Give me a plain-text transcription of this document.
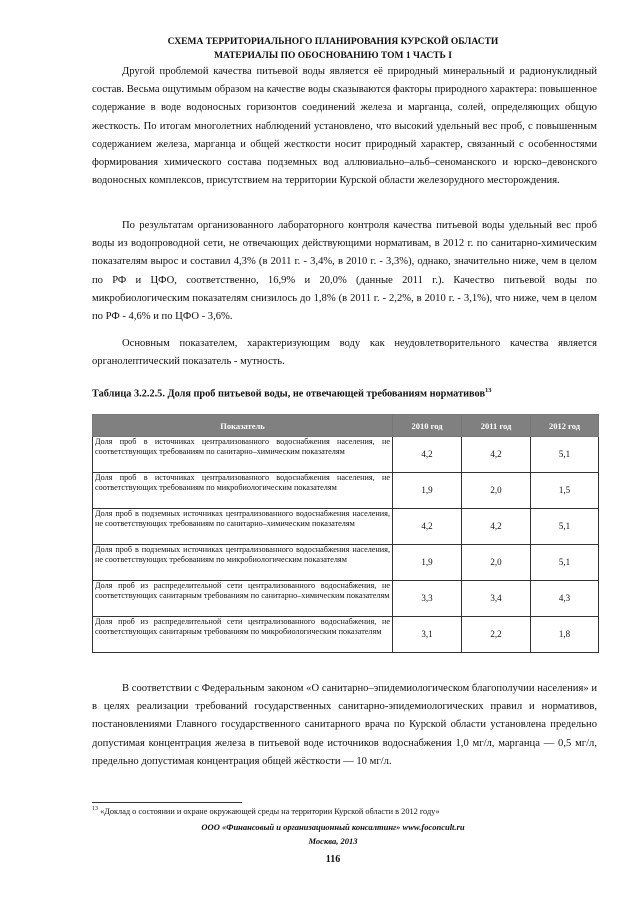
СХЕМА ТЕРРИТОРИАЛЬНОГО ПЛАНИРОВАНИЯ КУРСКОЙ ОБЛАСТИ
МАТЕРИАЛЫ ПО ОБОСНОВАНИЮ ТОМ 1 ЧАСТЬ I

Другой проблемой качества питьевой воды является её природный минеральный и радионуклидный состав. Весьма ощутимым образом на качестве воды сказываются факторы природного характера: повышенное содержание в воде водоносных горизонтов соединений железа и марганца, солей, определяющих общую жесткость. По итогам многолетних наблюдений установлено, что высокий удельный вес проб, с повышенным содержанием железа, марганца и общей жесткости носит природный характер, связанный с особенностями формирования химического состава подземных вод аллювиально–альб–сеноманского и юрско–девонского водоносных комплексов, присутствием на территории Курской области железорудного месторождения.

По результатам организованного лабораторного контроля качества питьевой воды удельный вес проб воды из водопроводной сети, не отвечающих действующими нормативам, в 2012 г. по санитарно-химическим показателям вырос и составил 4,3% (в 2011 г. - 3,4%, в 2010 г. - 3,3%), однако, значительно ниже, чем в целом по РФ и ЦФО, соответственно, 16,9% и 20,0% (данные 2011 г.). Качество питьевой воды по микробиологическим показателям снизилось до 1,8% (в 2011 г. - 2,2%, в 2010 г. - 3,1%), что ниже, чем в целом по РФ - 4,6% и по ЦФО - 3,6%.

Основным показателем, характеризующим воду как неудовлетворительного качества является органолептический показатель - мутность.

Таблица 3.2.2.5. Доля проб питьевой воды, не отвечающей требованиям нормативов$^{13}$
Показатель	2010 год	2011 год	2012 год
Доля проб в источниках централизованного водоснабжения населения, не соответствующих требованиям по санитарно–химическим показателям	4,2	4,2	5,1
Доля проб в источниках централизованного водоснабжения населения, не соответствующих требованиям по микробиологическим показателям	1,9	2,0	1,5
Доля проб в подземных источниках централизованного водоснабжения населения, не соответствующих требованиям по санитарно–химическим показателям	4,2	4,2	5,1
Доля проб в подземных источниках централизованного водоснабжения населения, не соответствующих требованиям по микробиологическим показателям	1,9	2,0	5,1
Доля проб из распределительной сети централизованного водоснабжения, не соответствующих санитарным требованиям по санитарно–химическим показателям	3,3	3,4	4,3
Доля проб из распределительной сети централизованного водоснабжения, не соответствующих санитарным требованиям по микробиологическим показателям	3,1	2,2	1,8

В соответствии с Федеральным законом «О санитарно–эпидемиологическом благополучии населения» и в целях реализации требований государственных санитарно-эпидемиологических правил и нормативов, постановлениями Главного государственного санитарного врача по Курской области установлена предельно допустимая концентрация железа в питьевой воде источников водоснабжения 1,0 мг/л, марганца — 0,5 мг/л, предельно допустимая концентрация общей жёсткости — 10 мг/л.

$^{13}$ «Доклад о состоянии и охране окружающей среды на территории Курской области в 2012 году»
ООО «Финансовый и организационный консалтинг» www.foconcult.ru
Москва, 2013
116
